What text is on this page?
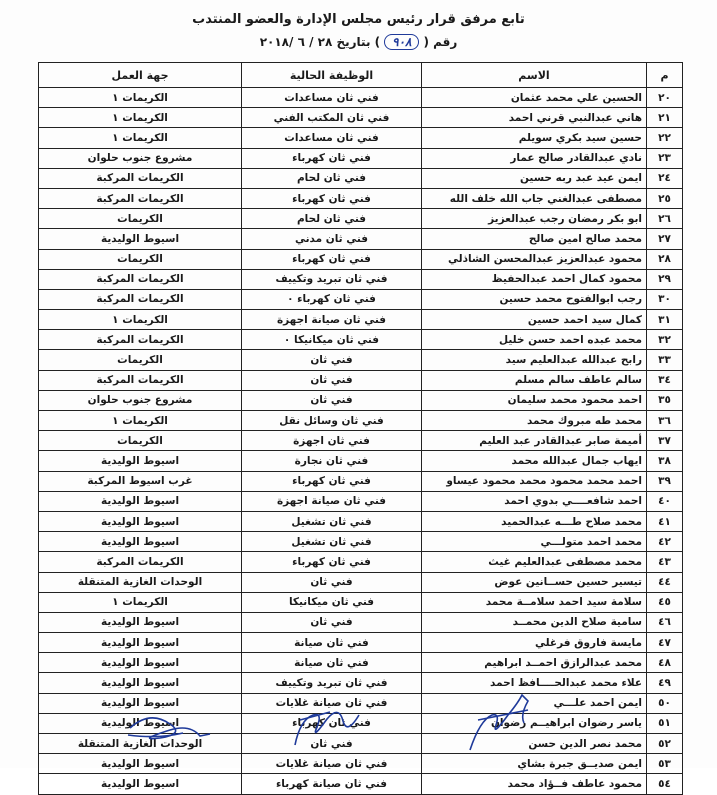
تابع مرفق قرار رئيس مجلس الإدارة والعضو المنتدب
رقم (٩٠٨) بتاريخ ٢٨ / ٦ /٢٠١٨
م	الاسم	الوظيفة الحالية	جهة العمل
٢٠	الحسين علي محمد عثمان	فني ثان مساعدات	الكريمات ١
٢١	هاني عبدالنبي قرني احمد	فني ثان المكتب الفني	الكريمات ١
٢٢	حسين سيد بكري سويلم	فني ثان مساعدات	الكريمات ١
٢٣	نادي عبدالقادر صالح عمار	فني ثان كهرباء	مشروع جنوب حلوان
٢٤	ايمن عيد عبد ربه حسين	فني ثان لحام	الكريمات المركبة
٢٥	مصطفى عبدالغني جاب الله خلف الله	فني ثان كهرباء	الكريمات المركبة
٢٦	ابو بكر رمضان رجب عبدالعزيز	فني ثان لحام	الكريمات
٢٧	محمد صالح امين صالح	فني ثان مدني	اسيوط الوليدية
٢٨	محمود عبدالعزيز عبدالمحسن الشاذلي	فني ثان كهرباء	الكريمات
٢٩	محمود كمال احمد عبدالحفيظ	فني ثان تبريد وتكييف	الكريمات المركبة
٣٠	رجب ابوالفتوح محمد حسين	فني ثان كهرباء ٠	الكريمات المركبة
٣١	كمال سيد احمد حسين	فني ثان صيانة اجهزة	الكريمات ١
٣٢	محمد عبده احمد حسن خليل	فني ثان ميكانيكا ٠	الكريمات المركبة
٣٣	رابح عبدالله عبدالعليم سيد	فني ثان	الكريمات
٣٤	سالم عاطف سالم مسلم	فني ثان	الكريمات المركبة
٣٥	احمد محمود محمد سليمان	فني ثان	مشروع جنوب حلوان
٣٦	محمد طه مبروك محمد	فني ثان وسائل نقل	الكريمات ١
٣٧	أميمة صابر عبدالقادر عبد العليم	فني ثان اجهزة	الكريمات
٣٨	ايهاب جمال عبدالله محمد	فني ثان نجارة	اسيوط الوليدية
٣٩	احمد محمد محمود محمد محمود عيساو	فني ثان كهرباء	غرب اسيوط المركبة
٤٠	احمد شافعــــي بدوي احمد	فني ثان صيانة اجهزة	اسيوط الوليدية
٤١	محمد صلاح طـــه عبدالحميد	فني ثان تشغيل	اسيوط الوليدية
٤٢	محمد احمد متولـــي	فني ثان تشغيل	اسيوط الوليدية
٤٣	محمد مصطفى عبدالعليم غيث	فني ثان كهرباء	الكريمات المركبة
٤٤	تيسير حسين حســانين عوض	فني ثان	الوحدات الغازية المتنقلة
٤٥	سلامة سيد احمد سلامــة محمد	فني ثان ميكانيكا	الكريمات ١
٤٦	سامية صلاح الدين محمــد	فني ثان	اسيوط الوليدية
٤٧	مايسة فاروق فرغلي	فني ثان صيانة	اسيوط الوليدية
٤٨	محمد عبدالرازق احمــد ابراهيم	فني ثان صيانة	اسيوط الوليدية
٤٩	علاء محمد عبدالحــــافظ احمد	فني ثان تبريد وتكييف	اسيوط الوليدية
٥٠	ايمن احمد علـــي	فني ثان صيانة غلايات	اسيوط الوليدية
٥١	ياسر رضوان ابراهيــم رضوان	فني ثان كهرباء	اسيوط الوليدية
٥٢	محمد نصر الدين حسن	فني ثان	الوحدات الغازية المتنقلة
٥٣	ايمن صديــق جبرة بشاي	فني ثان صيانة غلايات	اسيوط الوليدية
٥٤	محمود عاطف فــؤاد محمد	فني ثان صيانة كهرباء	اسيوط الوليدية
